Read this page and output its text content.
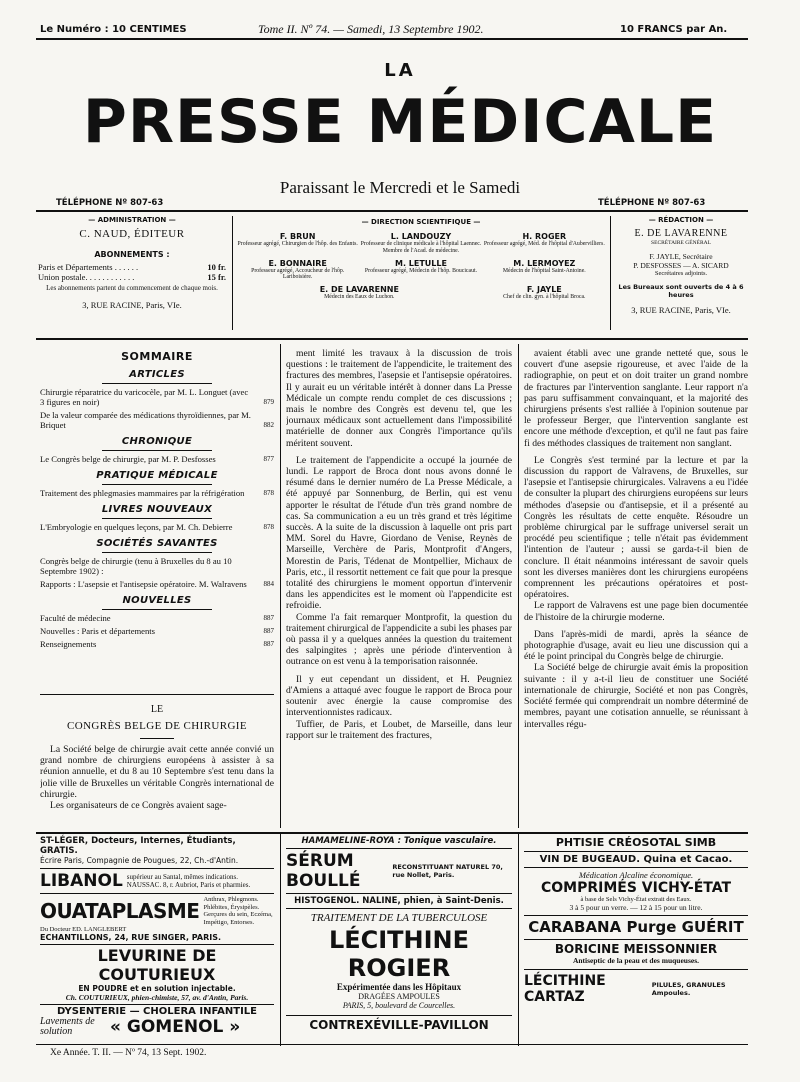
Le Numéro : 10 CENTIMES	Tome II. Nº 74. — Samedi, 13 Septembre 1902.	10 FRANCS par An.
LA
PRESSE MÉDICALE
Paraissant le Mercredi et le Samedi
TÉLÉPHONE Nº 807-63	TÉLÉPHONE Nº 807-63
— ADMINISTRATION —
C. NAUD, ÉDITEUR
ABONNEMENTS :
Paris et Départements . . . . . .	10 fr.
Union postale. . . . . . . . . . . .	15 fr.
Les abonnements partent du commencement de chaque mois.
3, RUE RACINE, Paris, VIe.
— DIRECTION SCIENTIFIQUE —
F. BRUN
Professeur agrégé, Chirurgien de l'hôp. des Enfants.
L. LANDOUZY
Professeur de clinique médicale à l'hôpital Laennec. Membre de l'Acad. de médecine.
H. ROGER
Professeur agrégé, Méd. de l'hôpital d'Aubervilliers.
E. BONNAIRE
Professeur agrégé, Accoucheur de l'hôp. Lariboisière.
M. LETULLE
Professeur agrégé, Médecin de l'hôp. Boucicaut.
M. LERMOYEZ
Médecin de l'hôpital Saint-Antoine.
E. DE LAVARENNE
Médecin des Eaux de Luchon.
F. JAYLE
Chef de clin. gyn. à l'hôpital Broca.
— RÉDACTION —
E. DE LAVARENNE
SECRÉTAIRE GÉNÉRAL
F. JAYLE, Secrétaire
P. DESFOSSES — A. SICARD
Secrétaires adjoints.
Les Bureaux sont ouverts de 4 à 6 heures
3, RUE RACINE, Paris, VIe.
SOMMAIRE
ARTICLES
Chirurgie réparatrice du varicocèle, par M. L. Longuet (avec 3 figures en noir)	879
De la valeur comparée des médications thyroïdiennes, par M. Briquet	882
CHRONIQUE
Le Congrès belge de chirurgie, par M. P. Desfosses	877
PRATIQUE MÉDICALE
Traitement des phlegmasies mammaires par la réfrigération	878
LIVRES NOUVEAUX
L'Embryologie en quelques leçons, par M. Ch. Debierre	878
SOCIÉTÉS SAVANTES
Congrès belge de chirurgie (tenu à Bruxelles du 8 au 10 Septembre 1902) :
Rapports : L'asepsie et l'antisepsie opératoire. M. Walravens 884
NOUVELLES
Faculté de médecine	887
Nouvelles : Paris et départements	887
Renseignements	887
LE
CONGRÈS BELGE DE CHIRURGIE

La Société belge de chirurgie avait cette année convié un grand nombre de chirurgiens européens à assister à sa réunion annuelle, et du 8 au 10 Septembre s'est tenu dans la jolie ville de Bruxelles un véritable Congrès international de chirurgie.

Les organisateurs de ce Congrès avaient sage-

ment limité les travaux à la discussion de trois questions : le traitement de l'appendicite, le traitement des fractures des membres, l'asepsie et l'antisepsie opératoires. Il y aurait eu un véritable intérêt à donner dans La Presse Médicale un compte rendu complet de ces discussions ; mais le nombre des Congrès est devenu tel, que les journaux médicaux sont actuellement dans l'impossibilité matérielle de donner aux Congrès l'importance qu'ils méritent souvent.

Le traitement de l'appendicite a occupé la journée de lundi. Le rapport de Broca dont nous avons donné le résumé dans le dernier numéro de La Presse Médicale, a été appuyé par Sonnenburg, de Berlin, qui est venu apporter le résultat de l'étude d'un très grand nombre de cas. Sa communication a eu un très grand et très légitime succès. A la suite de la discussion à laquelle ont pris part MM. Sorel du Havre, Giordano de Venise, Reynès de Marseille, Verchère de Paris, Montprofit d'Angers, Morestin de Paris, Tédenat de Montpellier, Michaux de Paris, etc., il ressortit nettement ce fait que pour la presque totalité des chirurgiens le moment opportun d'intervenir dans les appendicites est le moment où l'appendicite est refroidie.

Comme l'a fait remarquer Montprofit, la question du traitement chirurgical de l'appendicite a subi les phases par où passa il y a quelques années la question du traitement des salpingites ; après une période d'intervention à outrance on est venu à la temporisation raisonnée.

Il y eut cependant un dissident, et H. Peugniez d'Amiens a attaqué avec fougue le rapport de Broca pour soutenir avec énergie la cause compromise des interventionnistes radicaux.

Tuffier, de Paris, et Loubet, de Marseille, dans leur rapport sur le traitement des fractures,

avaient établi avec une grande netteté que, sous le couvert d'une asepsie rigoureuse, et avec l'aide de la radiographie, on peut et on doit traiter un grand nombre de fractures par l'intervention sanglante. Leur rapport n'a pas paru suffisamment convainquant, et la majorité des chirurgiens présents s'est ralliée à l'opinion soutenue par le professeur Berger, que l'intervention sanglante est encore une méthode d'exception, et qu'il ne faut pas faire fi des méthodes classiques de traitement non sanglant.

Le Congrès s'est terminé par la lecture et par la discussion du rapport de Valravens, de Bruxelles, sur l'asepsie et l'antisepsie chirurgicales. Valravens a eu l'idée de consulter la plupart des chirurgiens européens sur leurs méthodes d'asepsie ou d'antisepsie, et il a présenté au Congrès les résultats de cette enquête. Résoudre un problème chirurgical par le suffrage universel serait un procédé peu scientifique ; telle n'était pas évidemment l'intention de l'auteur ; aussi se garda-t-il bien de conclure. Il était néanmoins intéressant de savoir quels sont les diverses manières dont les chirurgiens européens comprennent les précautions opératoires et post-opératoires.

Le rapport de Valravens est une page bien documentée de l'histoire de la chirurgie moderne.

Dans l'après-midi de mardi, après la séance de photographie d'usage, avait eu lieu une discussion qui a été le point principal du Congrès belge de chirurgie.

La Société belge de chirurgie avait émis la proposition suivante : il y a-t-il lieu de constituer une Société internationale de chirurgie, Société et non pas Congrès, Société fermée qui comprendrait un nombre déterminé de membres, payant une cotisation annuelle, se réunissant à intervalles régu-

ST-LÉGER, Docteurs, Internes, Étudiants, GRATIS.
Écrire Paris, Compagnie de Pougues, 22, Ch.-d'Antin.
LIBANOL supérieur au Santal, mêmes indications. NAUSSAC. 8, r. Aubriot, Paris et pharmies.
OUATAPLASME Anthrax, Phlegmons. Phlébites, Érysipèles. Gerçures du sein, Eczéma, Impétigo, Entorses.
Du Docteur ED. LANGLEBERT
ECHANTILLONS, 24, RUE SINGER, PARIS.
LEVURINE DE COUTURIEUX
EN POUDRE et en solution injectable.
Ch. COUTURIEUX, phien-chimiste, 57, av. d'Antin, Paris.
DYSENTERIE — CHOLERA INFANTILE
Lavements de solution	« GOMENOL »
HAMAMELINE-ROYA : Tonique vasculaire.
SÉRUM BOULLÉ
RECONSTITUANT NATUREL 70, rue Nollet, Paris.
HISTOGENOL. NALINE, phien, à Saint-Denis.
TRAITEMENT DE LA TUBERCULOSE
LÉCITHINE ROGIER
Expérimentée dans les Hôpitaux
DRAGÉES AMPOULES
PARIS, 5, boulevard de Courcelles.
CONTREXÉVILLE-PAVILLON
PHTISIE CRÉOSOTAL SIMB
VIN DE BUGEAUD. Quina et Cacao.
Médication Alcaline économique.
COMPRIMÉS VICHY-ÉTAT
à base de Sels Vichy-État extrait des Eaux.
3 à 5 pour un verre. — 12 à 15 pour un litre.
CARABANA Purge GUÉRIT
BORICINE MEISSONNIER
Antiseptic de la peau et des muqueuses.
LÉCITHINE CARTAZ
PILULES, GRANULES Ampoules.
Xe Année. T. II. — Nº 74, 13 Sept. 1902.
